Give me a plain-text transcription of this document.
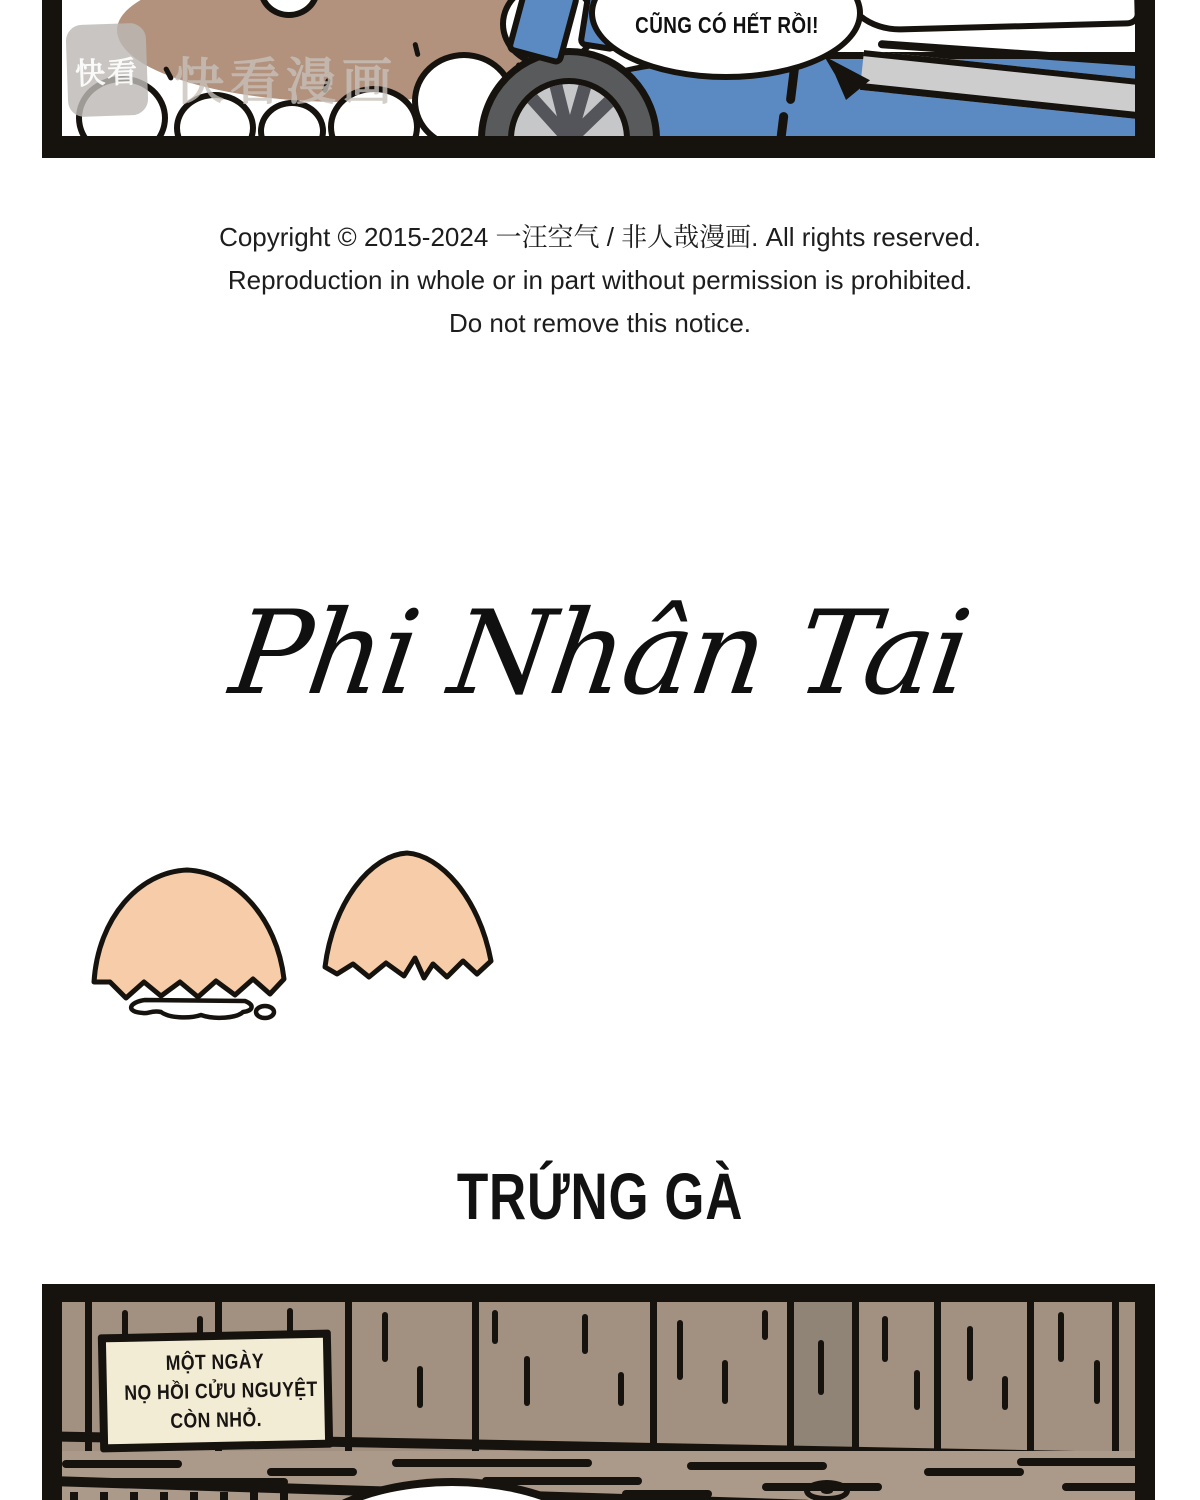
CŨNG CÓ HẾT RỒI!
快看 快看漫画

Copyright © 2015-2024 一汪空气 / 非人哉漫画. All rights reserved.

Reproduction in whole or in part without permission is prohibited.

Do not remove this notice.

Phi Nhân Tai
TRỨNG GÀ

MỘT NGÀY

NỌ HỒI CỬU NGUYỆT

CÒN NHỎ.
